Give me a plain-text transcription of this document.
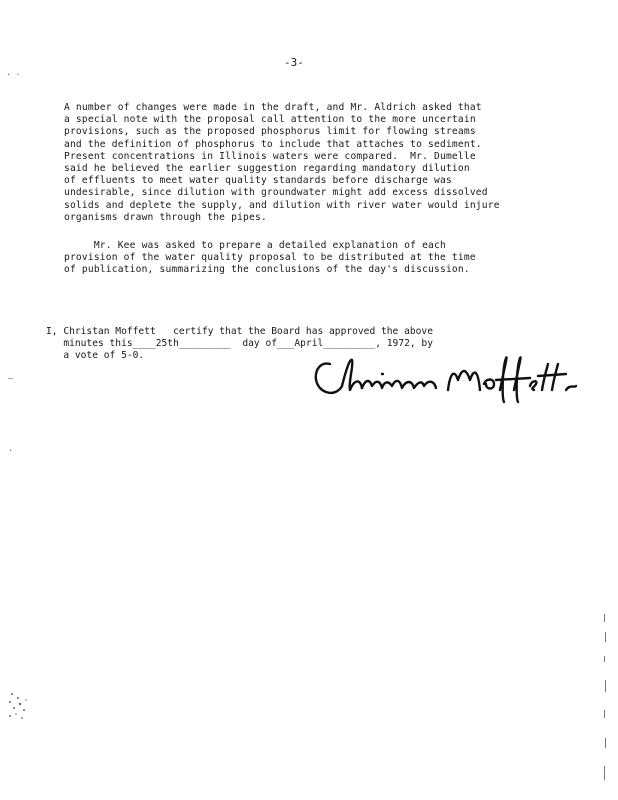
-3-
A number of changes were made in the draft, and Mr. Aldrich asked that
a special note with the proposal call attention to the more uncertain
provisions, such as the proposed phosphorus limit for flowing streams
and the definition of phosphorus to include that attaches to sediment.
Present concentrations in Illinois waters were compared.  Mr. Dumelle
said he believed the earlier suggestion regarding mandatory dilution
of effluents to meet water quality standards before discharge was
undesirable, since dilution with groundwater might add excess dissolved
solids and deplete the supply, and dilution with river water would injure
organisms drawn through the pipes.
Mr. Kee was asked to prepare a detailed explanation of each
provision of the water quality proposal to be distributed at the time
of publication, summarizing the conclusions of the day's discussion.
I, Christan Moffett   certify that the Board has approved the above
minutes this____25th_________  day of___April_________, 1972, by
a vote of 5-0.
· ·
—
·
